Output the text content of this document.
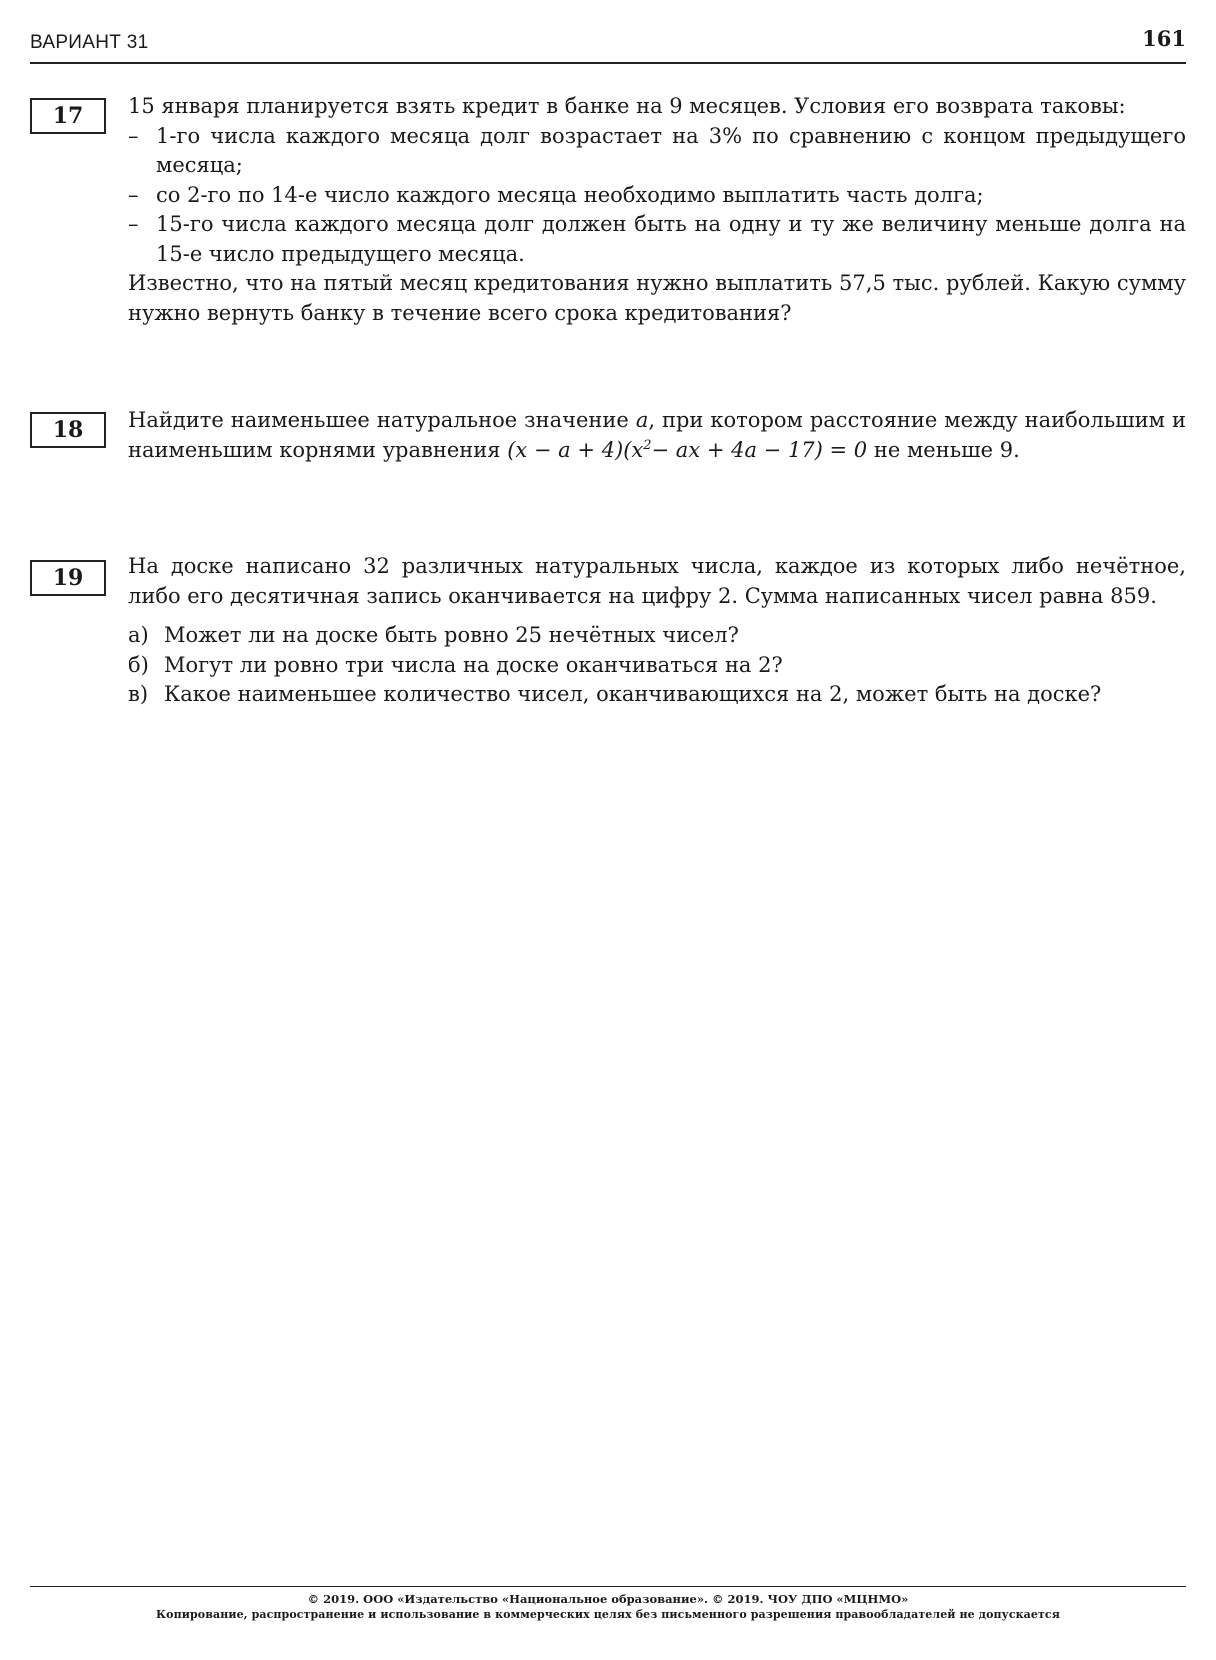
ВАРИАНТ 31	161
17	15 января планируется взять кредит в банке на 9 месяцев. Условия его возврата таковы:

– 1-го числа каждого месяца долг возрастает на 3% по сравнению с концом предыдущего месяца;
– со 2-го по 14-е число каждого месяца необходимо выплатить часть долга;
– 15-го числа каждого месяца долг должен быть на одну и ту же величину меньше долга на 15-е число предыдущего месяца.

Известно, что на пятый месяц кредитования нужно выплатить 57,5 тыс. рублей. Какую сумму нужно вернуть банку в течение всего срока кредитования?

18	Найдите наименьшее натуральное значение a, при котором расстояние между наибольшим и наименьшим корнями уравнения $(x - a + 4)(x^2-$ ax + 4a − 17) = 0 не меньше 9.

19	На доске написано 32 различных натуральных числа, каждое из которых либо нечётное, либо его десятичная запись оканчивается на цифру 2. Сумма написанных чисел равна 859.

а) Может ли на доске быть ровно 25 нечётных чисел?
б) Могут ли ровно три числа на доске оканчиваться на 2?
в) Какое наименьшее количество чисел, оканчивающихся на 2, может быть на доске?
© 2019. ООО «Издательство «Национальное образование». © 2019. ЧОУ ДПО «МЦНМО»
Копирование, распространение и использование в коммерческих целях без письменного разрешения правообладателей не допускается
